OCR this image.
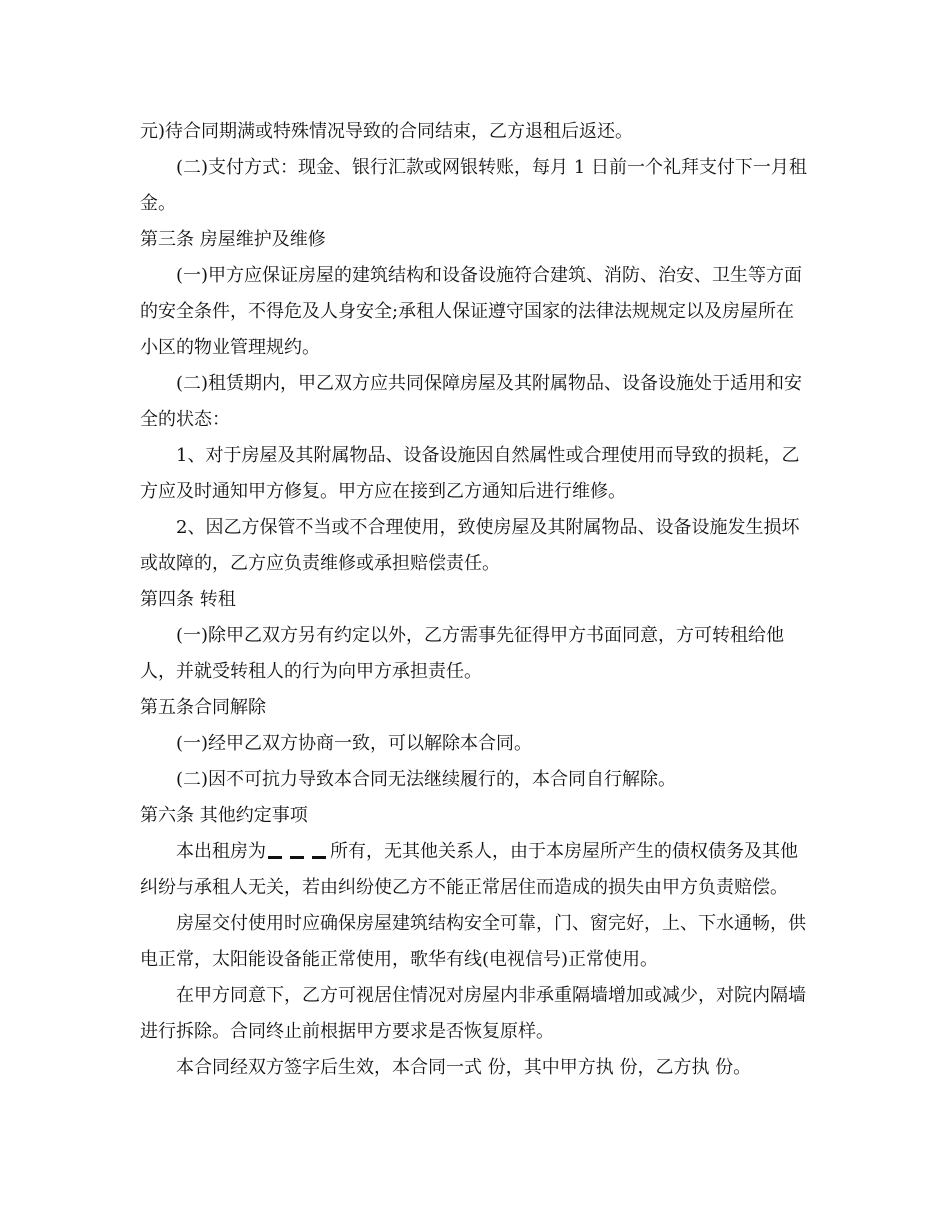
元)待合同期满或特殊情况导致的合同结束，乙方退租后返还。

(二)支付方式：现金、银行汇款或网银转账，每月 1 日前一个礼拜支付下一月租金。

第三条 房屋维护及维修

(一)甲方应保证房屋的建筑结构和设备设施符合建筑、消防、治安、卫生等方面的安全条件，不得危及人身安全;承租人保证遵守国家的法律法规规定以及房屋所在小区的物业管理规约。

(二)租赁期内，甲乙双方应共同保障房屋及其附属物品、设备设施处于适用和安全的状态：

1、对于房屋及其附属物品、设备设施因自然属性或合理使用而导致的损耗，乙方应及时通知甲方修复。甲方应在接到乙方通知后进行维修。

2、因乙方保管不当或不合理使用，致使房屋及其附属物品、设备设施发生损坏或故障的，乙方应负责维修或承担赔偿责任。

第四条 转租

(一)除甲乙双方另有约定以外，乙方需事先征得甲方书面同意，方可转租给他人，并就受转租人的行为向甲方承担责任。

第五条合同解除

(一)经甲乙双方协商一致，可以解除本合同。

(二)因不可抗力导致本合同无法继续履行的，本合同自行解除。

第六条 其他约定事项

本出租房为	所有，无其他关系人，由于本房屋所产生的债权债务及其他纠纷与承租人无关，若由纠纷使乙方不能正常居住而造成的损失由甲方负责赔偿。

房屋交付使用时应确保房屋建筑结构安全可靠，门、窗完好，上、下水通畅，供电正常，太阳能设备能正常使用，歌华有线(电视信号)正常使用。

在甲方同意下，乙方可视居住情况对房屋内非承重隔墙增加或减少，对院内隔墙进行拆除。合同终止前根据甲方要求是否恢复原样。

本合同经双方签字后生效，本合同一式 份，其中甲方执 份，乙方执 份。
